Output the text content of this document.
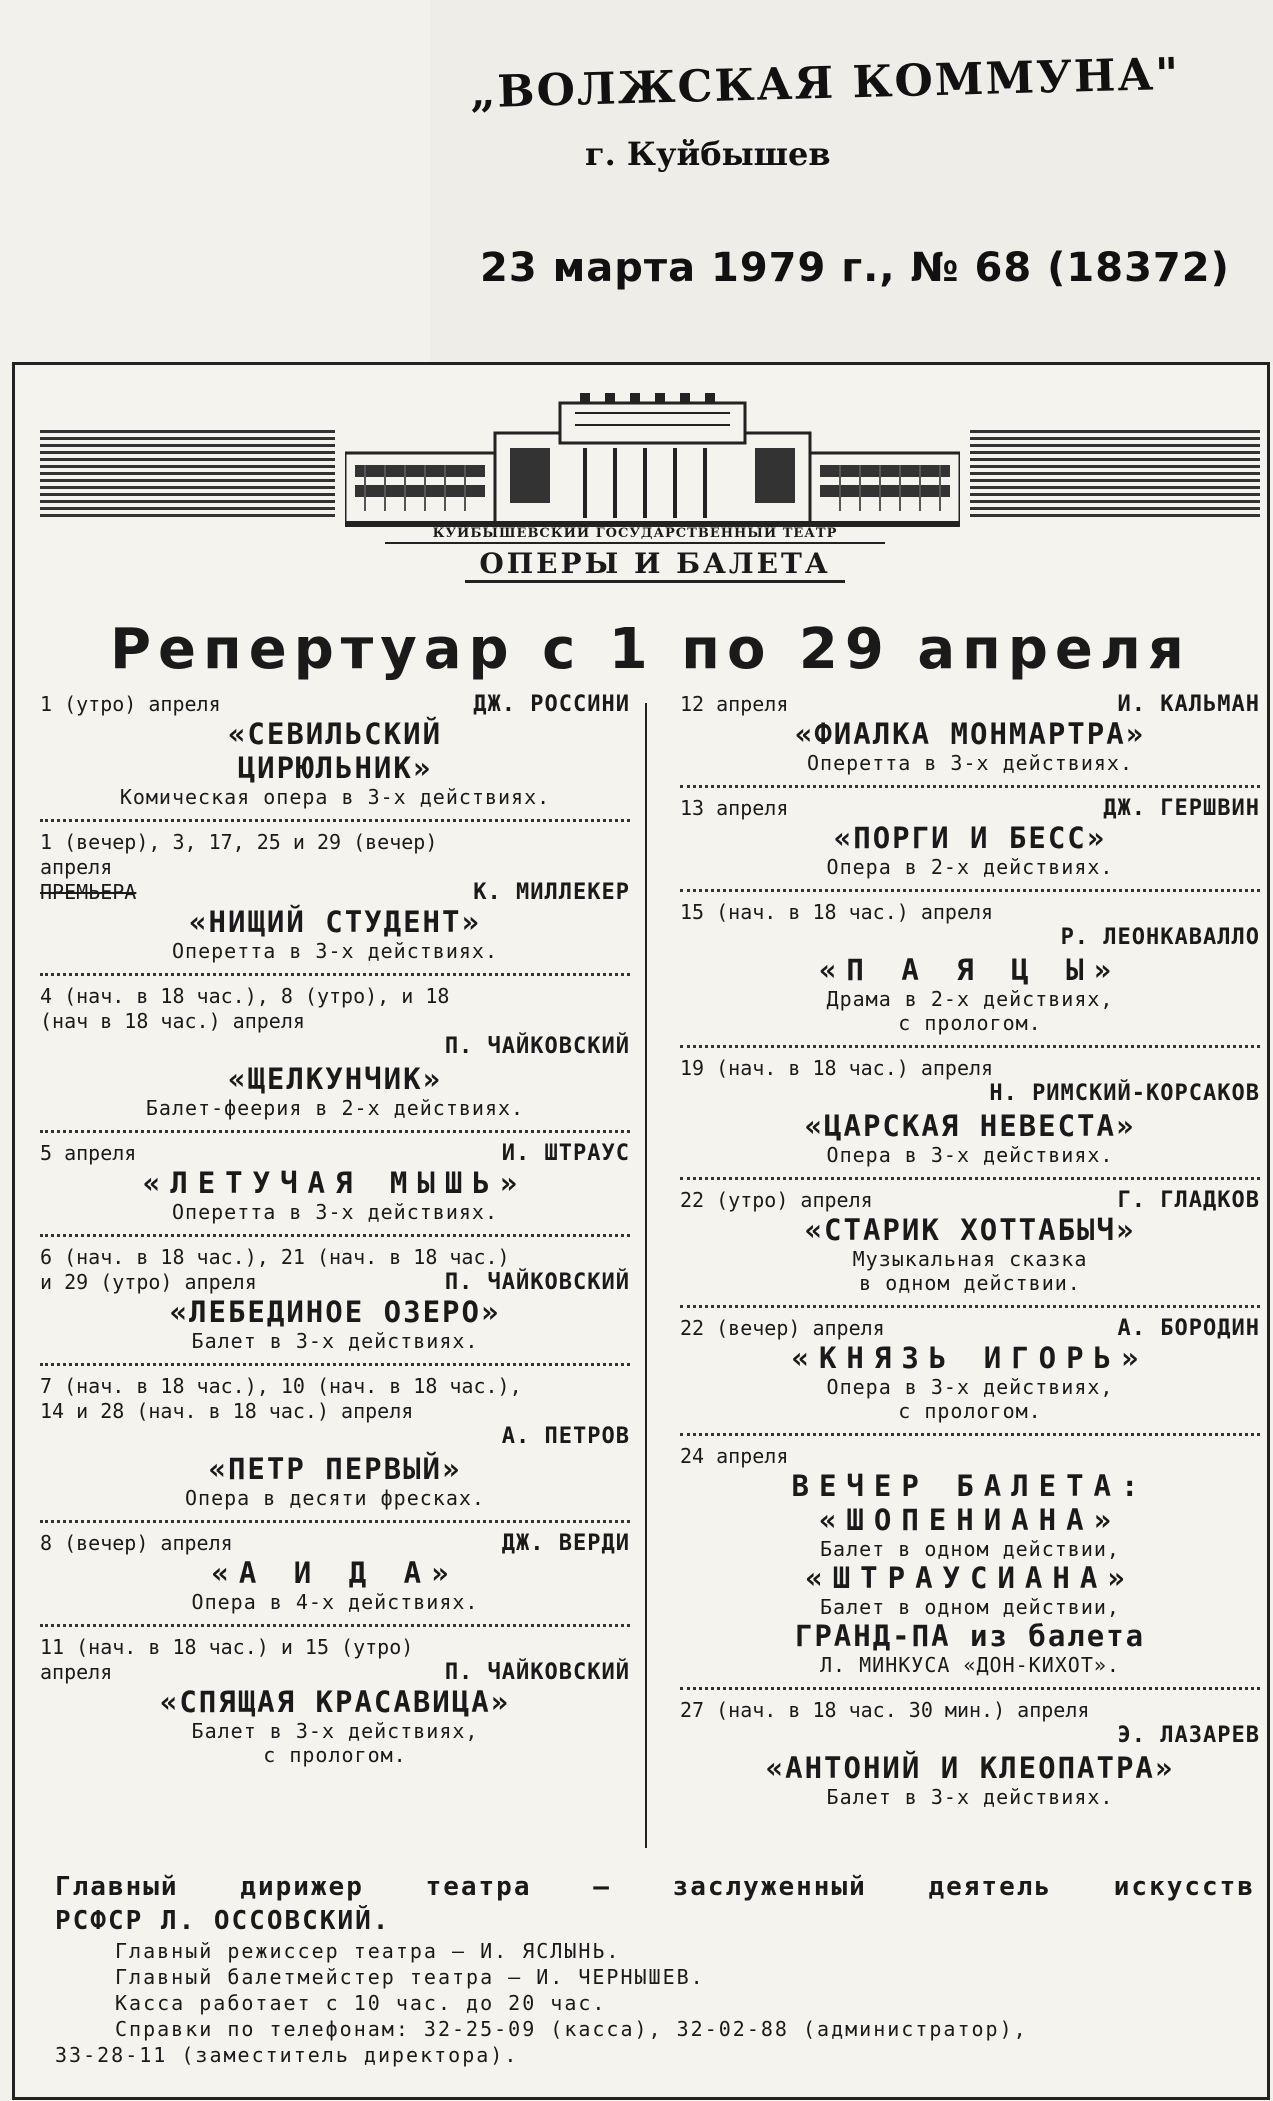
„ВОЛЖСКАЯ КОММУНА"
г. Куйбышев
23 марта 1979 г., № 68 (18372)
КУЙБЫШЕВСКИЙ ГОСУДАРСТВЕННЫЙ ТЕАТР
ОПЕРЫ И БАЛЕТА
Репертуар с 1 по 29 апреля
1 (утро) апреля	ДЖ. РОССИНИ
«СЕВИЛЬСКИЙ
ЦИРЮЛЬНИК»
Комическая опера в 3-х действиях.
1 (вечер), 3, 17, 25 и 29 (вечер)
апреля
ПРЕМЬЕРА	К. МИЛЛЕКЕР
«НИЩИЙ СТУДЕНТ»
Оперетта в 3-х действиях.
4 (нач. в 18 час.), 8 (утро), и 18
(нач в 18 час.) апреля
П. ЧАЙКОВСКИЙ
«ЩЕЛКУНЧИК»
Балет-феерия в 2-х действиях.
5 апреля	И. ШТРАУС
«ЛЕТУЧАЯ МЫШЬ»
Оперетта в 3-х действиях.
6 (нач. в 18 час.), 21 (нач. в 18 час.)
и 29 (утро) апреля	П. ЧАЙКОВСКИЙ
«ЛЕБЕДИНОЕ ОЗЕРО»
Балет в 3-х действиях.
7 (нач. в 18 час.), 10 (нач. в 18 час.),
14 и 28 (нач. в 18 час.) апреля
А. ПЕТРОВ
«ПЕТР ПЕРВЫЙ»
Опера в десяти фресках.
8 (вечер) апреля	ДЖ. ВЕРДИ
«А И Д А»
Опера в 4-х действиях.
11 (нач. в 18 час.) и 15 (утро)
апреля	П. ЧАЙКОВСКИЙ
«СПЯЩАЯ КРАСАВИЦА»
Балет в 3-х действиях,
с прологом.
12 апреля	И. КАЛЬМАН
«ФИАЛКА МОНМАРТРА»
Оперетта в 3-х действиях.
13 апреля	ДЖ. ГЕРШВИН
«ПОРГИ И БЕСС»
Опера в 2-х действиях.
15 (нач. в 18 час.) апреля
Р. ЛЕОНКАВАЛЛО
«П А Я Ц Ы»
Драма в 2-х действиях,
с прологом.
19 (нач. в 18 час.) апреля
Н. РИМСКИЙ-КОРСАКОВ
«ЦАРСКАЯ НЕВЕСТА»
Опера в 3-х действиях.
22 (утро) апреля	Г. ГЛАДКОВ
«СТАРИК ХОТТАБЫЧ»
Музыкальная сказка
в одном действии.
22 (вечер) апреля	А. БОРОДИН
«КНЯЗЬ ИГОРЬ»
Опера в 3-х действиях,
с прологом.
24 апреля
ВЕЧЕР БАЛЕТА:
«ШОПЕНИАНА»
Балет в одном действии,
«ШТРАУСИАНА»
Балет в одном действии,
ГРАНД-ПА из балета
Л. МИНКУСА «ДОН-КИХОТ».
27 (нач. в 18 час. 30 мин.) апреля
Э. ЛАЗАРЕВ
«АНТОНИЙ И КЛЕОПАТРА»
Балет в 3-х действиях.
Главный дирижер театра — заслуженный деятель искусств
РСФСР Л. ОССОВСКИЙ.
Главный режиссер театра — И. ЯСЛЫНЬ.
Главный балетмейстер театра — И. ЧЕРНЫШЕВ.
Касса работает с 10 час. до 20 час.
Справки по телефонам: 32-25-09 (касса), 32-02-88 (администратор),
33-28-11 (заместитель директора).
